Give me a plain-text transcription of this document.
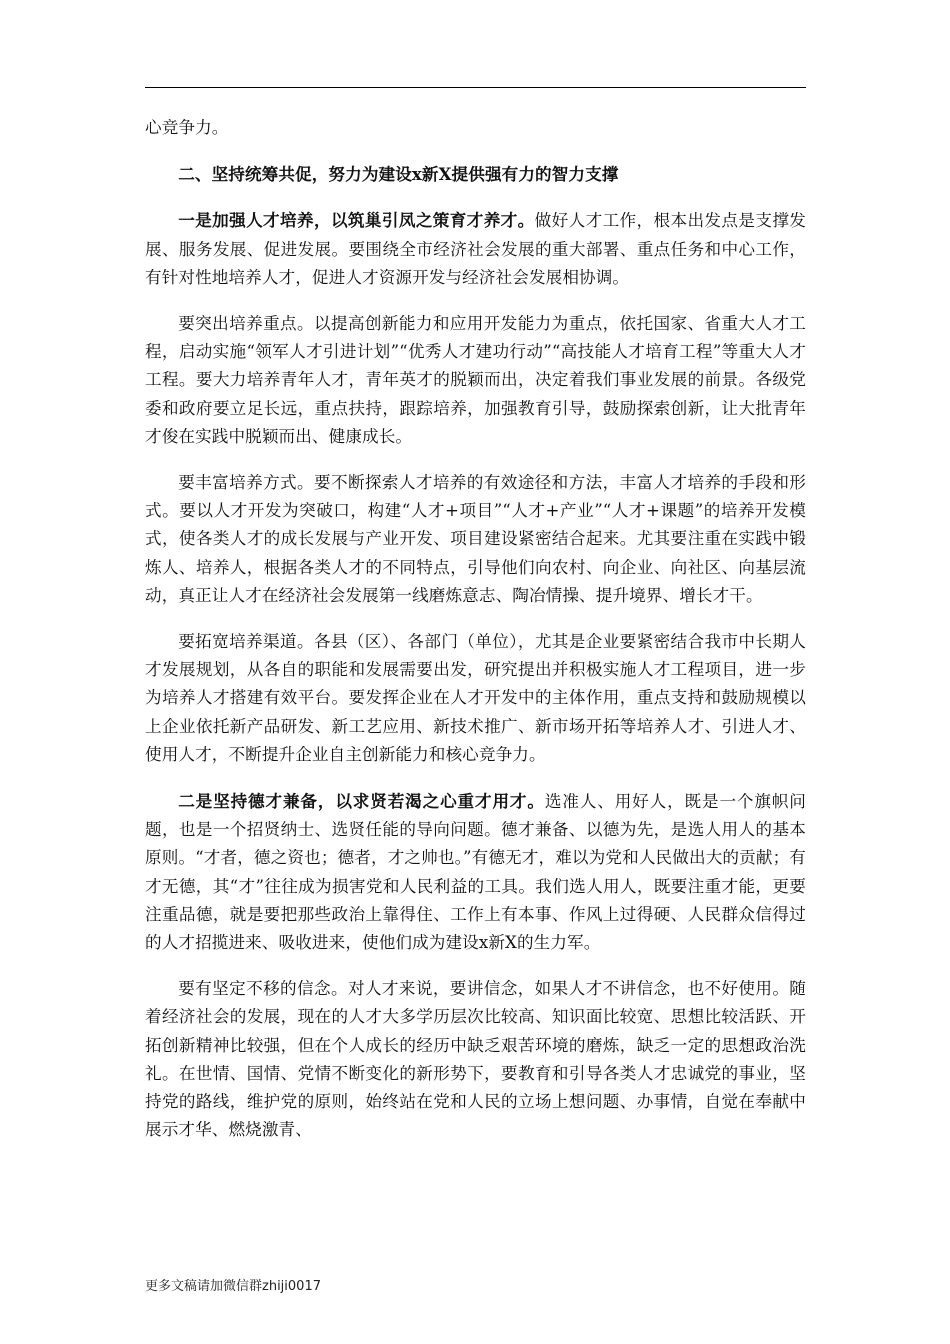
心竞争力。

二、坚持统筹共促，努力为建设x新X提供强有力的智力支撑

一是加强人才培养，以筑巢引凤之策育才养才。做好人才工作，根本出发点是支撑发展、服务发展、促进发展。要围绕全市经济社会发展的重大部署、重点任务和中心工作，有针对性地培养人才，促进人才资源开发与经济社会发展相协调。

要突出培养重点。以提高创新能力和应用开发能力为重点，依托国家、省重大人才工程，启动实施“领军人才引进计划”“优秀人才建功行动”“高技能人才培育工程”等重大人才工程。要大力培养青年人才，青年英才的脱颖而出，决定着我们事业发展的前景。各级党委和政府要立足长远，重点扶持，跟踪培养，加强教育引导，鼓励探索创新，让大批青年才俊在实践中脱颖而出、健康成长。

要丰富培养方式。要不断探索人才培养的有效途径和方法，丰富人才培养的手段和形式。要以人才开发为突破口，构建“人才+项目”“人才+产业”“人才+课题”的培养开发模式，使各类人才的成长发展与产业开发、项目建设紧密结合起来。尤其要注重在实践中锻炼人、培养人，根据各类人才的不同特点，引导他们向农村、向企业、向社区、向基层流动，真正让人才在经济社会发展第一线磨炼意志、陶冶情操、提升境界、增长才干。

要拓宽培养渠道。各县（区）、各部门（单位），尤其是企业要紧密结合我市中长期人才发展规划，从各自的职能和发展需要出发，研究提出并积极实施人才工程项目，进一步为培养人才搭建有效平台。要发挥企业在人才开发中的主体作用，重点支持和鼓励规模以上企业依托新产品研发、新工艺应用、新技术推广、新市场开拓等培养人才、引进人才、使用人才，不断提升企业自主创新能力和核心竞争力。

二是坚持德才兼备，以求贤若渴之心重才用才。选准人、用好人，既是一个旗帜问题，也是一个招贤纳士、选贤任能的导向问题。德才兼备、以德为先，是选人用人的基本原则。“才者，德之资也；德者，才之帅也。”有德无才，难以为党和人民做出大的贡献；有才无德，其“才”往往成为损害党和人民利益的工具。我们选人用人，既要注重才能，更要注重品德，就是要把那些政治上靠得住、工作上有本事、作风上过得硬、人民群众信得过的人才招揽进来、吸收进来，使他们成为建设x新X的生力军。

要有坚定不移的信念。对人才来说，要讲信念，如果人才不讲信念，也不好使用。随着经济社会的发展，现在的人才大多学历层次比较高、知识面比较宽、思想比较活跃、开拓创新精神比较强，但在个人成长的经历中缺乏艰苦环境的磨炼，缺乏一定的思想政治洗礼。在世情、国情、党情不断变化的新形势下，要教育和引导各类人才忠诚党的事业，坚持党的路线，维护党的原则，始终站在党和人民的立场上想问题、办事情，自觉在奉献中展示才华、燃烧激青、

更多文稿请加微信群zhiji0017
